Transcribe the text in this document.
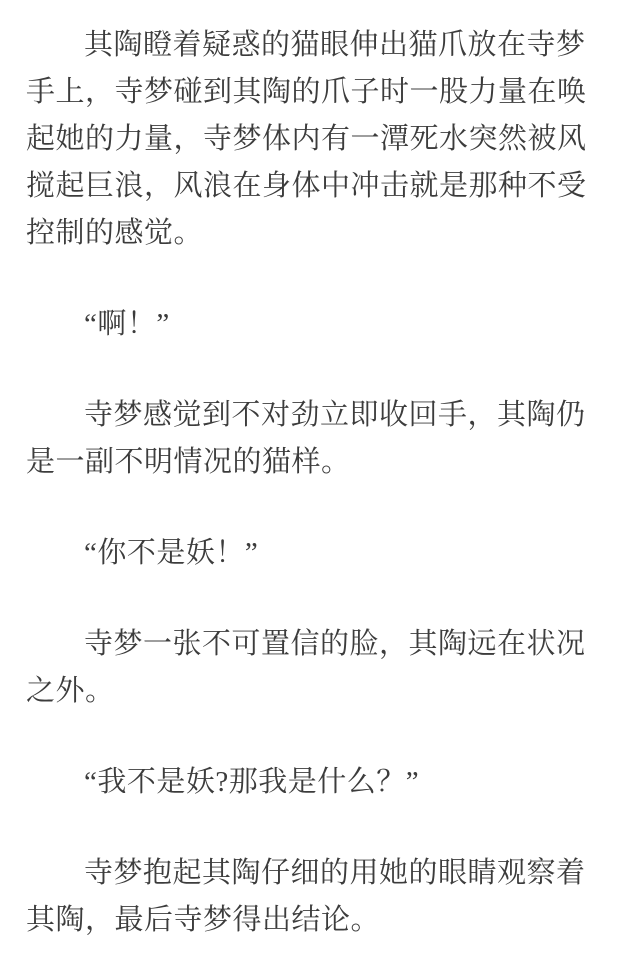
其陶瞪着疑惑的猫眼伸出猫爪放在寺梦手上，寺梦碰到其陶的爪子时一股力量在唤起她的力量，寺梦体内有一潭死水突然被风搅起巨浪，风浪在身体中冲击就是那种不受控制的感觉。

“啊！”

寺梦感觉到不对劲立即收回手，其陶仍是一副不明情况的猫样。

“你不是妖！”

寺梦一张不可置信的脸，其陶远在状况之外。

“我不是妖?那我是什么？”

寺梦抱起其陶仔细的用她的眼睛观察着其陶，最后寺梦得出结论。
